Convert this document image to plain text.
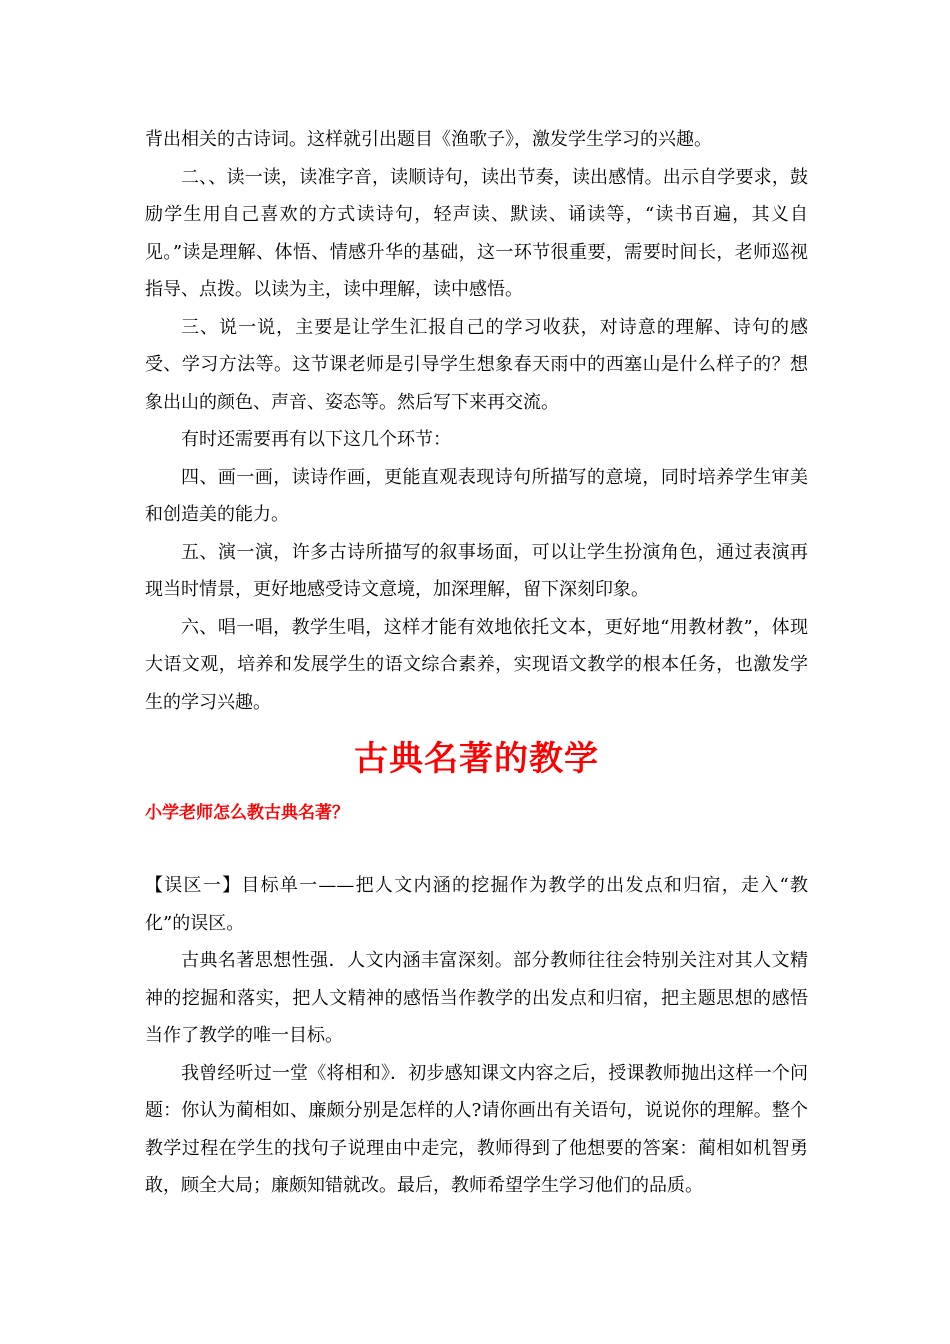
背出相关的古诗词。这样就引出题目《渔歌子》，激发学生学习的兴趣。

二、、读一读，读准字音，读顺诗句，读出节奏，读出感情。出示自学要求，鼓励学生用自己喜欢的方式读诗句，轻声读、默读、诵读等，“读书百遍，其义自见。”读是理解、体悟、情感升华的基础，这一环节很重要，需要时间长，老师巡视指导、点拨。以读为主，读中理解，读中感悟。

三、说一说，主要是让学生汇报自己的学习收获，对诗意的理解、诗句的感受、学习方法等。这节课老师是引导学生想象春天雨中的西塞山是什么样子的？想象出山的颜色、声音、姿态等。然后写下来再交流。

有时还需要再有以下这几个环节：

四、画一画，读诗作画，更能直观表现诗句所描写的意境，同时培养学生审美和创造美的能力。

五、演一演，许多古诗所描写的叙事场面，可以让学生扮演角色，通过表演再现当时情景，更好地感受诗文意境，加深理解，留下深刻印象。

六、唱一唱，教学生唱，这样才能有效地依托文本，更好地“用教材教”，体现大语文观，培养和发展学生的语文综合素养，实现语文教学的根本任务，也激发学生的学习兴趣。

古典名著的教学
小学老师怎么教古典名著？

【误区一】目标单一——把人文内涵的挖掘作为教学的出发点和归宿，走入“教化”的误区。

古典名著思想性强．人文内涵丰富深刻。部分教师往往会特别关注对其人文精神的挖掘和落实，把人文精神的感悟当作教学的出发点和归宿，把主题思想的感悟当作了教学的唯一目标。

我曾经听过一堂《将相和》．初步感知课文内容之后，授课教师抛出这样一个问题：你认为蔺相如、廉颇分别是怎样的人?请你画出有关语句，说说你的理解。整个教学过程在学生的找句子说理由中走完，教师得到了他想要的答案：蔺相如机智勇敢，顾全大局；廉颇知错就改。最后，教师希望学生学习他们的品质。
